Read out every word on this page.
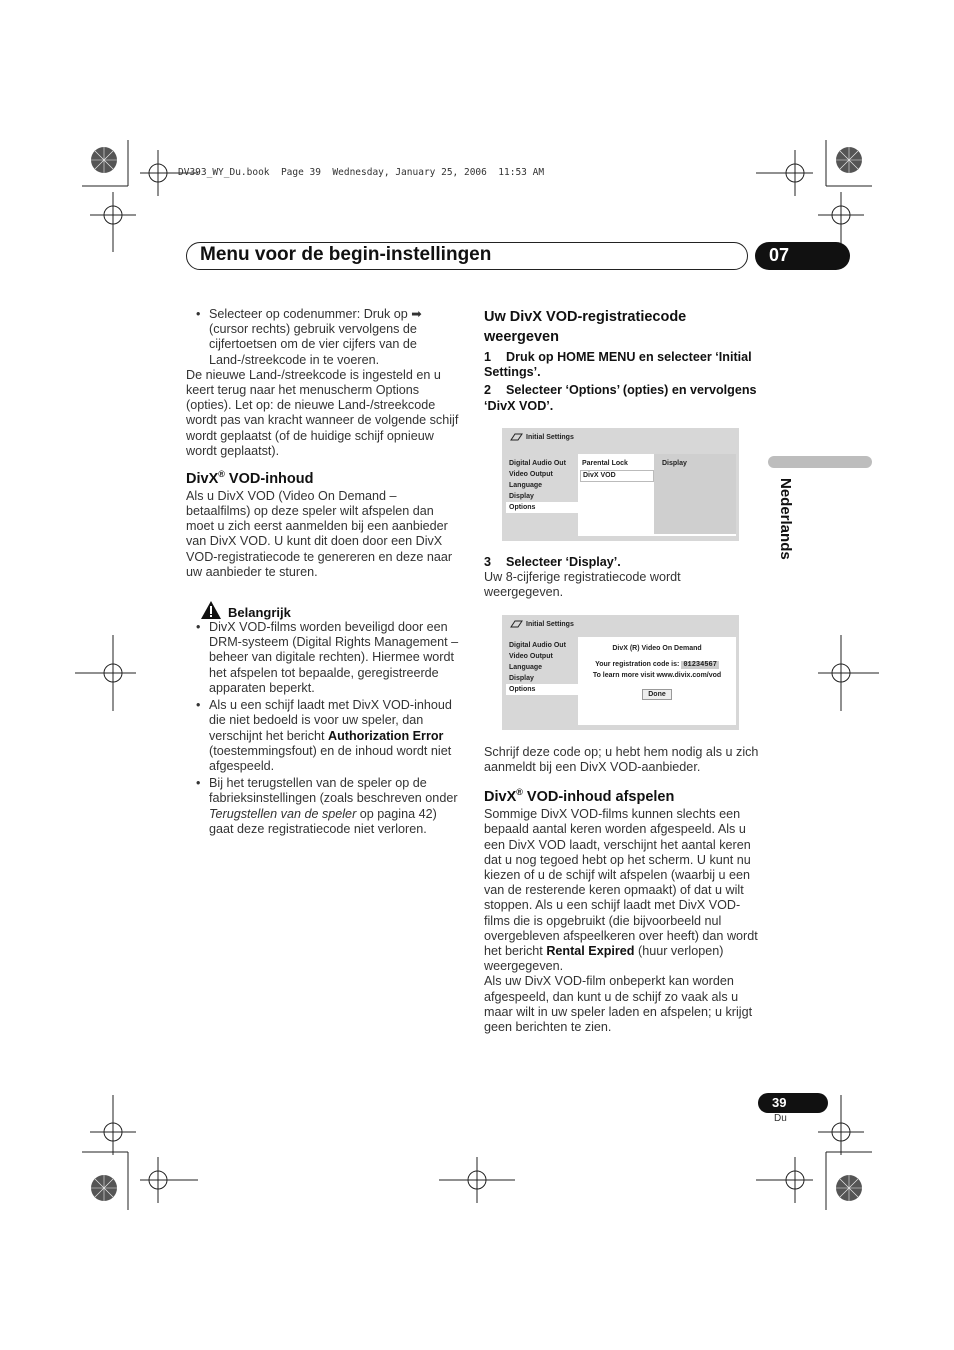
DV393_WY_Du.book  Page 39  Wednesday, January 25, 2006  11:53 AM
Menu voor de begin-instellingen	07
Nederlands

• Selecteer op codenummer: Druk op ➡ (cursor rechts) gebruik vervolgens de cijfertoetsen om de vier cijfers van de Land-/streekcode in te voeren.

De nieuwe Land-/streekcode is ingesteld en u keert terug naar het menuscherm Options (opties). Let op: de nieuwe Land-/streekcode wordt pas van kracht wanneer de volgende schijf wordt geplaatst (of de huidige schijf opnieuw wordt geplaatst).

DivX® VOD-inhoud

Als u DivX VOD (Video On Demand – betaalfilms) op deze speler wilt afspelen dan moet u zich eerst aanmelden bij een aanbieder van DivX VOD. U kunt dit doen door een DivX VOD-registratiecode te genereren en deze naar uw aanbieder te sturen.

Belangrijk

• DivX VOD-films worden beveiligd door een DRM-systeem (Digital Rights Management – beheer van digitale rechten). Hiermee wordt het afspelen tot bepaalde, geregistreerde apparaten beperkt.

• Als u een schijf laadt met DivX VOD-inhoud die niet bedoeld is voor uw speler, dan verschijnt het bericht Authorization Error (toestemmingsfout) en de inhoud wordt niet afgespeeld.

• Bij het terugstellen van de speler op de fabrieksinstellingen (zoals beschreven onder Terugstellen van de speler op pagina 42) gaat deze registratiecode niet verloren.

Uw DivX VOD-registratiecode weergeven

1 Druk op HOME MENU en selecteer ‘Initial Settings’.

2 Selecteer ‘Options’ (opties) en vervolgens ‘DivX VOD’.

Initial Settings
Digital Audio Out
Video Output
Language
Display
Options
Parental Lock
DivX VOD
Display

3 Selecteer ‘Display’.

Uw 8-cijferige registratiecode wordt weergegeven.

Initial Settings
Digital Audio Out
Video Output
Language
Display
Options
DivX (R) Video On Demand
Your registration code is: 01234567
To learn more visit www.divix.com/vod
Done

Schrijf deze code op; u hebt hem nodig als u zich aanmeldt bij een DivX VOD-aanbieder.

DivX® VOD-inhoud afspelen

Sommige DivX VOD-films kunnen slechts een bepaald aantal keren worden afgespeeld. Als u een DivX VOD laadt, verschijnt het aantal keren dat u nog tegoed hebt op het scherm. U kunt nu kiezen of u de schijf wilt afspelen (waarbij u een van de resterende keren opmaakt) of dat u wilt stoppen. Als u een schijf laadt met DivX VOD-films die is opgebruikt (die bijvoorbeeld nul overgebleven afspeelkeren over heeft) dan wordt het bericht Rental Expired (huur verlopen) weergegeven.

Als uw DivX VOD-film onbeperkt kan worden afgespeeld, dan kunt u de schijf zo vaak als u maar wilt in uw speler laden en afspelen; u krijgt geen berichten te zien.

39
Du
